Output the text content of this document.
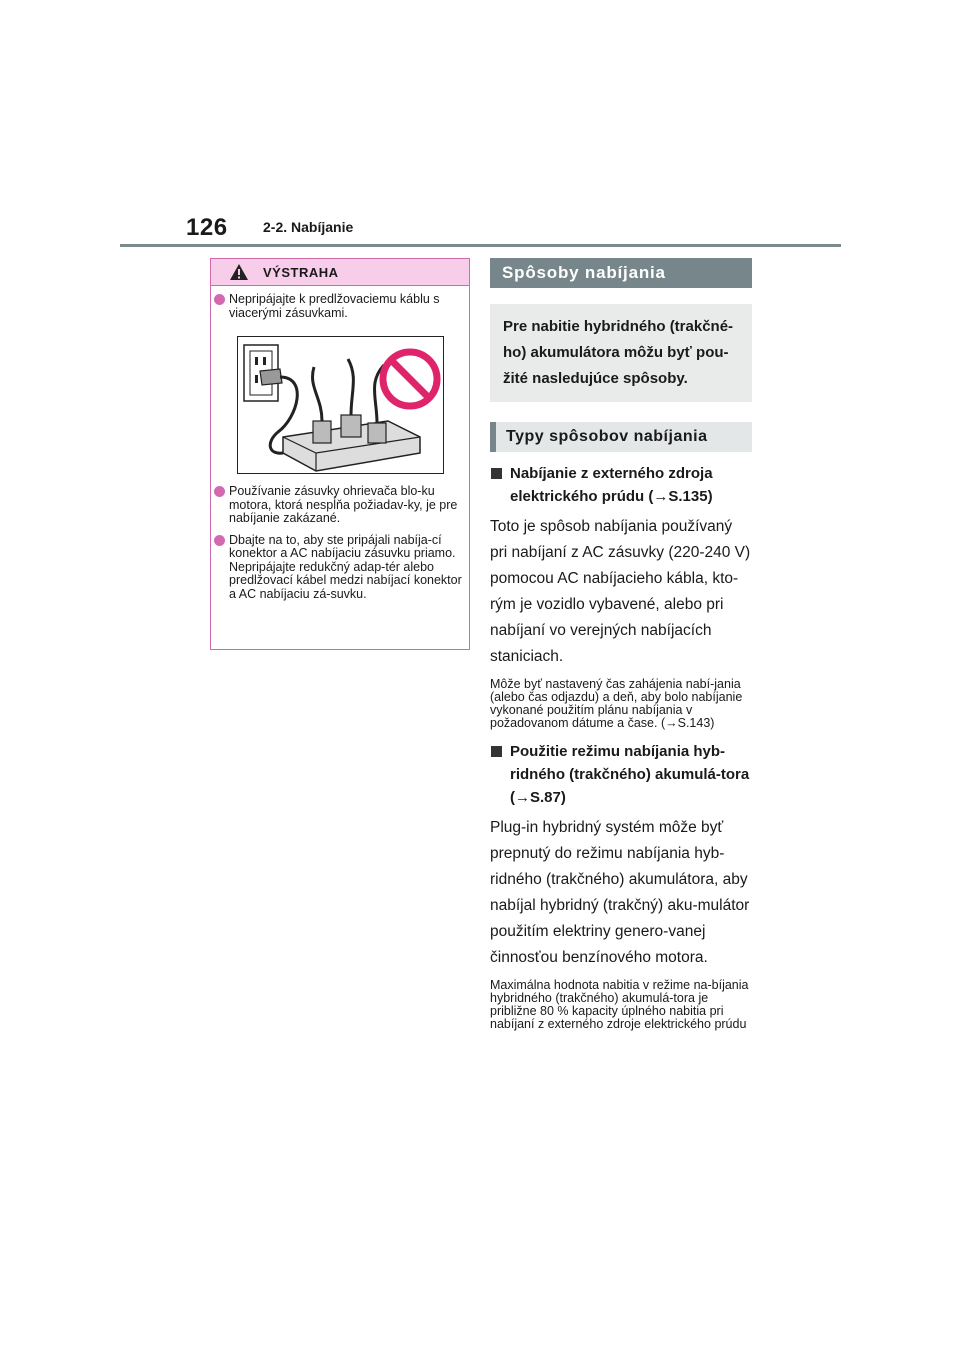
126	2-2. Nabíjanie
VÝSTRAHA
Nepripájajte k predlžovaciemu káblu s viacerými zásuvkami.
Používanie zásuvky ohrievača blo-ku motora, ktorá nespĺňa požiadav-ky, je pre nabíjanie zakázané.
Dbajte na to, aby ste pripájali nabíja-cí konektor a AC nabíjaciu zásuvku priamo. Nepripájajte redukčný adap-tér alebo predlžovací kábel medzi nabíjací konektor a AC nabíjaciu zá-suvku.
Spôsoby nabíjania
Pre nabitie hybridného (trakčné-ho) akumulátora môžu byť pou-žité nasledujúce spôsoby.
Typy spôsobov nabíjania
Nabíjanie z externého zdroja elektrického prúdu (→S.135)
Toto je spôsob nabíjania používaný pri nabíjaní z AC zásuvky (220-240 V) pomocou AC nabíjacieho kábla, kto-rým je vozidlo vybavené, alebo pri nabíjaní vo verejných nabíjacích staniciach.
Môže byť nastavený čas zahájenia nabí-jania (alebo čas odjazdu) a deň, aby bolo nabíjanie vykonané použitím plánu nabíjania v požadovanom dátume a čase. (→S.143)
Použitie režimu nabíjania hyb-ridného (trakčného) akumulá-tora (→S.87)
Plug-in hybridný systém môže byť prepnutý do režimu nabíjania hyb-ridného (trakčného) akumulátora, aby nabíjal hybridný (trakčný) aku-mulátor použitím elektriny genero-vanej činnosťou benzínového motora.
Maximálna hodnota nabitia v režime na-bíjania hybridného (trakčného) akumulá-tora je približne 80 % kapacity úplného nabitia pri nabíjaní z externého zdroje elektrického prúdu
